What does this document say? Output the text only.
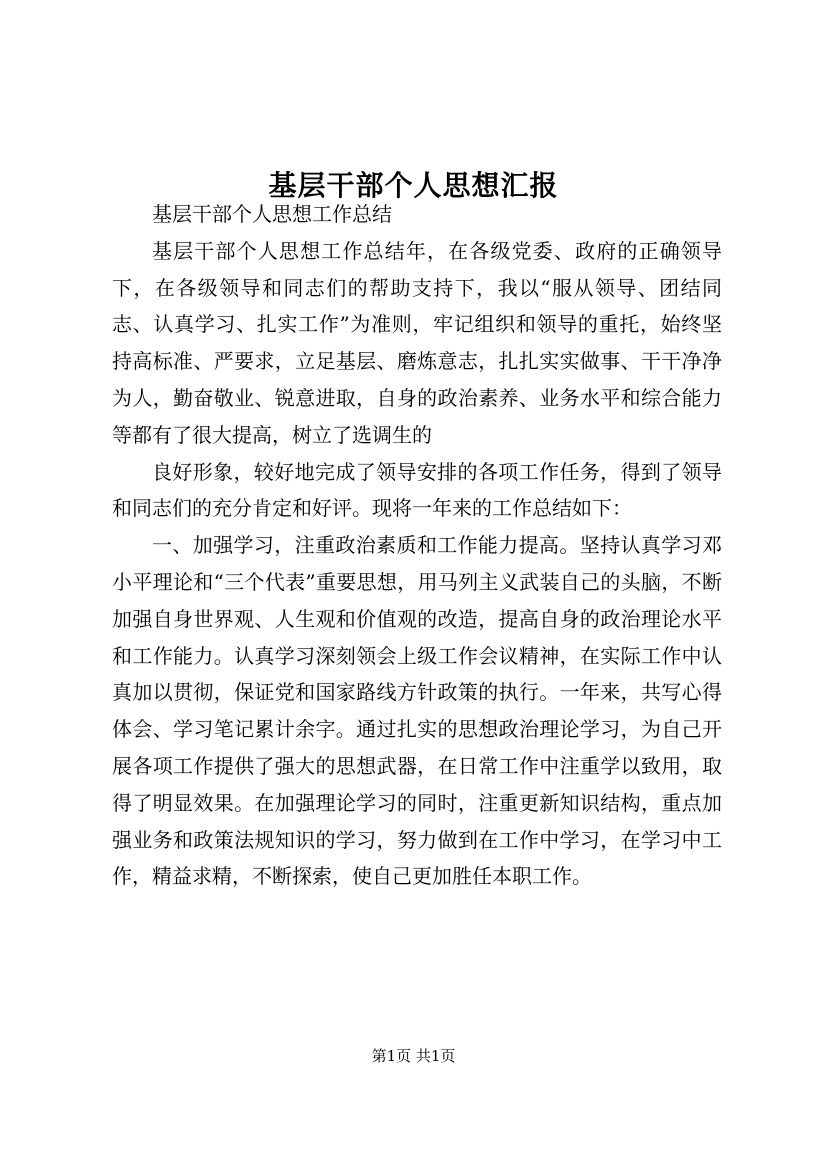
基层干部个人思想汇报

基层干部个人思想工作总结

基层干部个人思想工作总结年，在各级党委、政府的正确领导下，在各级领导和同志们的帮助支持下，我以“服从领导、团结同志、认真学习、扎实工作”为准则，牢记组织和领导的重托，始终坚持高标准、严要求，立足基层、磨炼意志，扎扎实实做事、干干净净为人，勤奋敬业、锐意进取，自身的政治素养、业务水平和综合能力等都有了很大提高，树立了选调生的

良好形象，较好地完成了领导安排的各项工作任务，得到了领导和同志们的充分肯定和好评。现将一年来的工作总结如下：

一、加强学习，注重政治素质和工作能力提高。坚持认真学习邓小平理论和“三个代表”重要思想，用马列主义武装自己的头脑，不断加强自身世界观、人生观和价值观的改造，提高自身的政治理论水平和工作能力。认真学习深刻领会上级工作会议精神，在实际工作中认真加以贯彻，保证党和国家路线方针政策的执行。一年来，共写心得体会、学习笔记累计余字。通过扎实的思想政治理论学习，为自己开展各项工作提供了强大的思想武器，在日常工作中注重学以致用，取得了明显效果。在加强理论学习的同时，注重更新知识结构，重点加强业务和政策法规知识的学习，努力做到在工作中学习，在学习中工作，精益求精，不断探索，使自己更加胜任本职工作。

第1页 共1页
